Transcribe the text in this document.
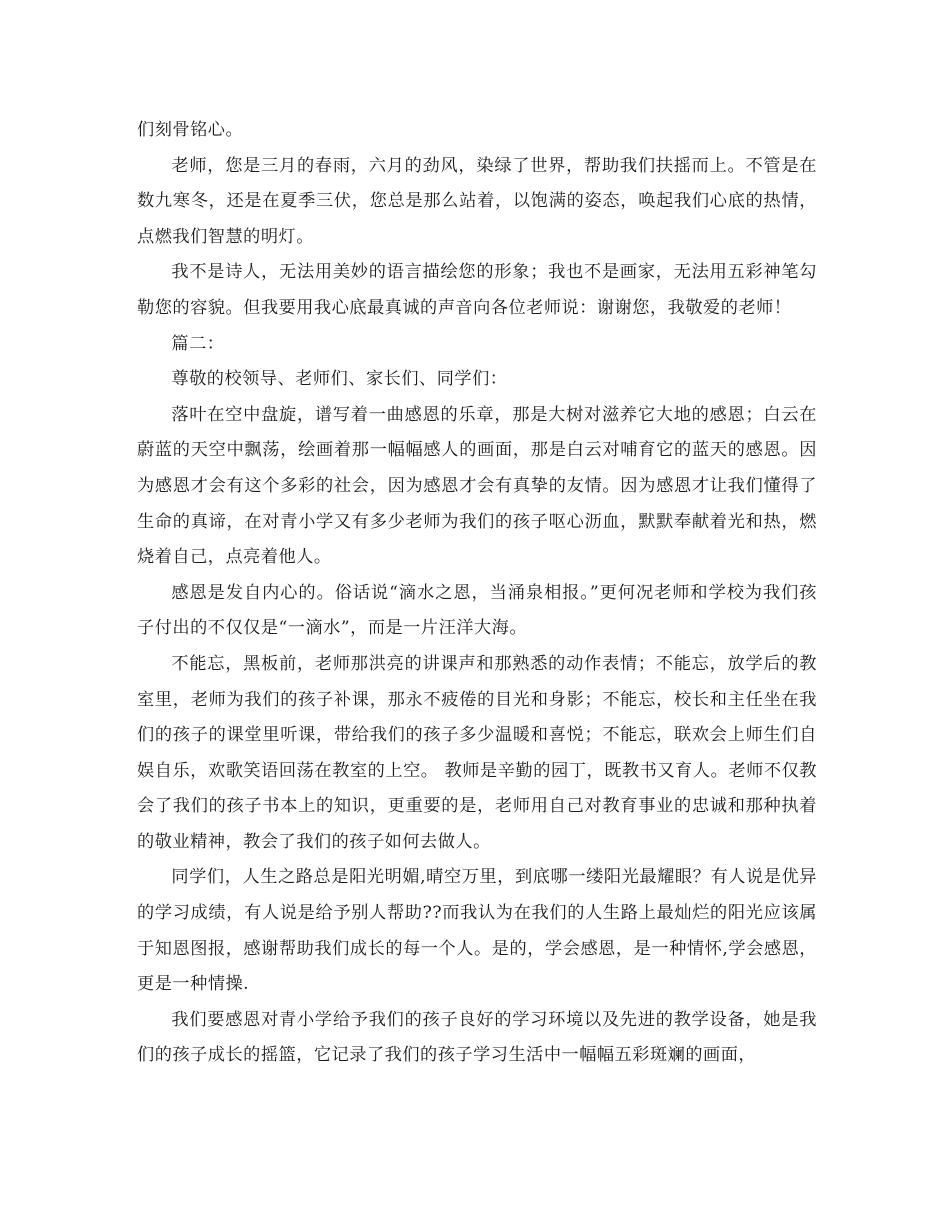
们刻骨铭心。

老师，您是三月的春雨，六月的劲风，染绿了世界，帮助我们扶摇而上。不管是在数九寒冬，还是在夏季三伏，您总是那么站着，以饱满的姿态，唤起我们心底的热情，点燃我们智慧的明灯。

我不是诗人，无法用美妙的语言描绘您的形象；我也不是画家，无法用五彩神笔勾勒您的容貌。但我要用我心底最真诚的声音向各位老师说：谢谢您，我敬爱的老师！

篇二：

尊敬的校领导、老师们、家长们、同学们：

落叶在空中盘旋，谱写着一曲感恩的乐章，那是大树对滋养它大地的感恩；白云在蔚蓝的天空中飘荡，绘画着那一幅幅感人的画面，那是白云对哺育它的蓝天的感恩。因为感恩才会有这个多彩的社会，因为感恩才会有真挚的友情。因为感恩才让我们懂得了生命的真谛，在对青小学又有多少老师为我们的孩子呕心沥血，默默奉献着光和热，燃烧着自己，点亮着他人。

感恩是发自内心的。俗话说“滴水之恩，当涌泉相报。”更何况老师和学校为我们孩子付出的不仅仅是“一滴水”，而是一片汪洋大海。

不能忘，黑板前，老师那洪亮的讲课声和那熟悉的动作表情；不能忘，放学后的教室里，老师为我们的孩子补课，那永不疲倦的目光和身影；不能忘，校长和主任坐在我们的孩子的课堂里听课，带给我们的孩子多少温暖和喜悦；不能忘，联欢会上师生们自娱自乐，欢歌笑语回荡在教室的上空。 教师是辛勤的园丁，既教书又育人。老师不仅教会了我们的孩子书本上的知识，更重要的是，老师用自己对教育事业的忠诚和那种执着的敬业精神，教会了我们的孩子如何去做人。

同学们，人生之路总是阳光明媚,晴空万里，到底哪一缕阳光最耀眼？有人说是优异的学习成绩，有人说是给予别人帮助??而我认为在我们的人生路上最灿烂的阳光应该属于知恩图报，感谢帮助我们成长的每一个人。是的，学会感恩，是一种情怀,学会感恩，更是一种情操.

我们要感恩对青小学给予我们的孩子良好的学习环境以及先进的教学设备，她是我们的孩子成长的摇篮，它记录了我们的孩子学习生活中一幅幅五彩斑斓的画面，
